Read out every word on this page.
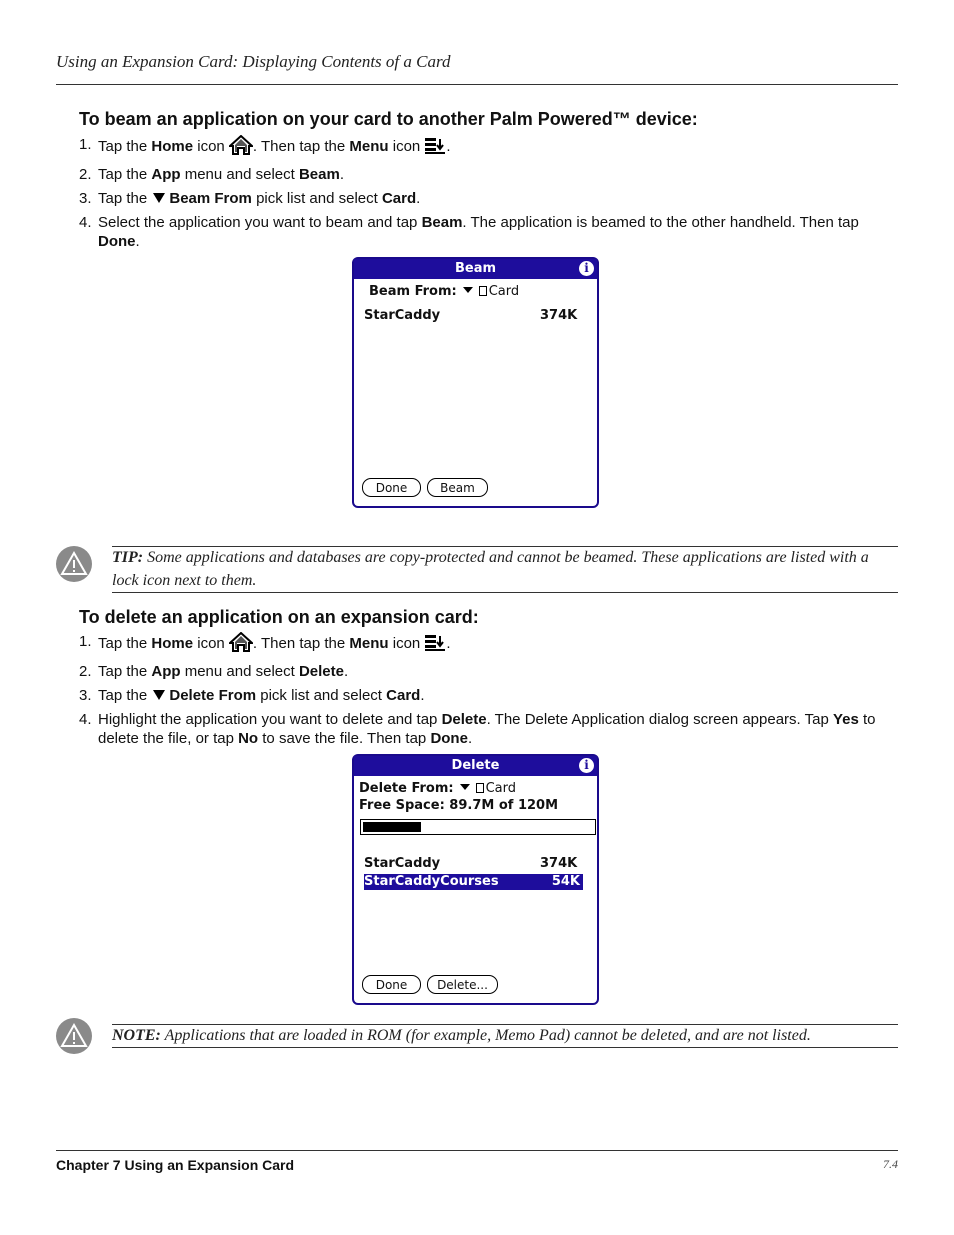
Using an Expansion Card: Displaying Contents of a Card
To beam an application on your card to another Palm Powered™ device:
1. Tap the Home icon . Then tap the Menu icon .
2. Tap the App menu and select Beam.
3. Tap the Beam From pick list and select Card.
4. Select the application you want to beam and tap Beam. The application is beamed to the other handheld. Then tap Done.
Beam	i
Beam From: Card
StarCaddy	374K
Done	Beam
TIP: Some applications and databases are copy-protected and cannot be beamed. These applications are listed with a lock icon next to them.
To delete an application on an expansion card:
1. Tap the Home icon . Then tap the Menu icon .
2. Tap the App menu and select Delete.
3. Tap the Delete From pick list and select Card.
4. Highlight the application you want to delete and tap Delete. The Delete Application dialog screen appears. Tap Yes to delete the file, or tap No to save the file. Then tap Done.
Delete	i
Delete From: Card
Free Space: 89.7M of 120M
StarCaddy	374K
StarCaddyCourses	54K
Done	Delete...
NOTE: Applications that are loaded in ROM (for example, Memo Pad) cannot be deleted, and are not listed.
Chapter 7 Using an Expansion Card	7.4
